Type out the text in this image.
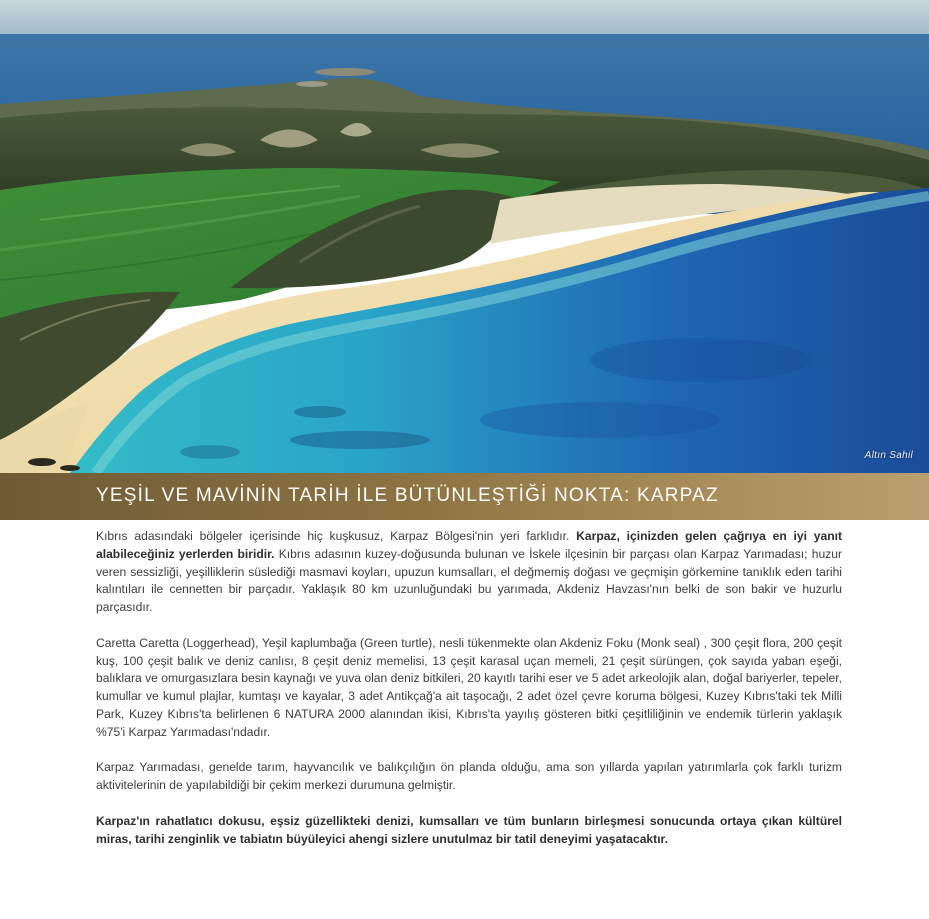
Altın Sahil
YEŞİL VE MAVİNİN TARİH İLE BÜTÜNLEŞTİĞİ NOKTA: KARPAZ

Kıbrıs adasındaki bölgeler içerisinde hiç kuşkusuz, Karpaz Bölgesi'nin yeri farklıdır. Karpaz, içinizden gelen çağrıya en iyi yanıt alabileceğiniz yerlerden biridir. Kıbrıs adasının kuzey-doğusunda bulunan ve İskele ilçesinin bir parçası olan Karpaz Yarımadası; huzur veren sessizliği, yeşilliklerin süslediği masmavi koyları, upuzun kumsalları, el değmemiş doğası ve geçmişin görkemine tanıklık eden tarihi kalıntıları ile cennetten bir parçadır. Yaklaşık 80 km uzunluğundaki bu yarımada, Akdeniz Havzası'nın belki de son bakir ve huzurlu parçasıdır.

Caretta Caretta (Loggerhead), Yeşil kaplumbağa (Green turtle), nesli tükenmekte olan Akdeniz Foku (Monk seal) , 300 çeşit flora, 200 çeşit kuş, 100 çeşit balık ve deniz canlısı, 8 çeşit deniz memelisi, 13 çeşit karasal uçan memeli, 21 çeşit sürüngen, çok sayıda yaban eşeği, balıklara ve omurgasızlara besin kaynağı ve yuva olan deniz bitkileri, 20 kayıtlı tarihi eser ve 5 adet arkeolojik alan, doğal bariyerler, tepeler, kumullar ve kumul plajlar, kumtaşı ve kayalar, 3 adet Antikçağ'a ait taşocağı, 2 adet özel çevre koruma bölgesi, Kuzey Kıbrıs'taki tek Milli Park, Kuzey Kıbrıs'ta belirlenen 6 NATURA 2000 alanından ikisi, Kıbrıs'ta yayılış gösteren bitki çeşitliliğinin ve endemik türlerin yaklaşık %75'i Karpaz Yarımadası'ndadır.

Karpaz Yarımadası, genelde tarım, hayvancılık ve balıkçılığın ön planda olduğu, ama son yıllarda yapılan yatırımlarla çok farklı turizm aktivitelerinin de yapılabildiği bir çekim merkezi durumuna gelmiştir.

Karpaz'ın rahatlatıcı dokusu, eşsiz güzellikteki denizi, kumsalları ve tüm bunların birleşmesi sonucunda ortaya çıkan kültürel miras, tarihi zenginlik ve tabiatın büyüleyici ahengi sizlere unutulmaz bir tatil deneyimi yaşatacaktır.
